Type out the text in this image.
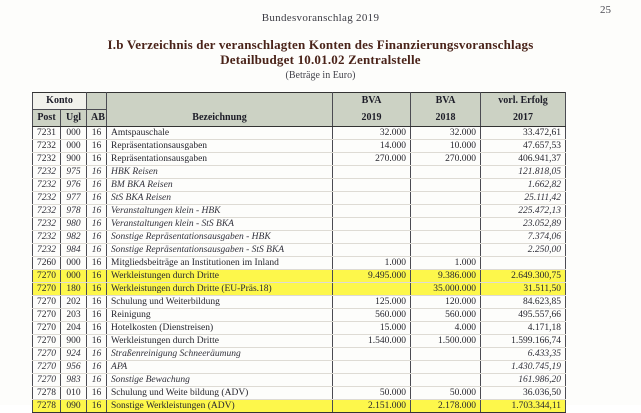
Bundesvoranschlag 2019
25
I.b Verzeichnis der veranschlagten Konten des Finanzierungsvoranschlags
Detailbudget 10.01.02 Zentralstelle
(Beträge in Euro)
Konto				BVA	BVA	vorl. Erfolg
Post	Ugl	AB	Bezeichnung	2019	2018	2017
7231	000	16	Amtspauschale	32.000	32.000	33.472,61
7232	000	16	Repräsentationsausgaben	14.000	10.000	47.657,53
7232	900	16	Repräsentationsausgaben	270.000	270.000	406.941,37
7232	975	16	HBK Reisen			121.818,05
7232	976	16	BM BKA Reisen			1.662,82
7232	977	16	StS BKA Reisen			25.111,42
7232	978	16	Veranstaltungen klein - HBK			225.472,13
7232	980	16	Veranstaltungen klein - StS BKA			23.052,89
7232	982	16	Sonstige Repräsentationsausgaben - HBK			7.374,06
7232	984	16	Sonstige Repräsentationsausgaben - StS BKA			2.250,00
7260	000	16	Mitgliedsbeiträge an Institutionen im Inland	1.000	1.000	
7270	000	16	Werkleistungen durch Dritte	9.495.000	9.386.000	2.649.300,75
7270	180	16	Werkleistungen durch Dritte (EU-Präs.18)		35.000.000	31.511,50
7270	202	16	Schulung und Weiterbildung	125.000	120.000	84.623,85
7270	203	16	Reinigung	560.000	560.000	495.557,66
7270	204	16	Hotelkosten (Dienstreisen)	15.000	4.000	4.171,18
7270	900	16	Werkleistungen durch Dritte	1.540.000	1.500.000	1.599.166,74
7270	924	16	Straßenreinigung Schneeräumung			6.433,35
7270	956	16	APA			1.430.745,19
7270	983	16	Sonstige Bewachung			161.986,20
7278	010	16	Schulung und Weite bildung (ADV)	50.000	50.000	36.036,50
7278	090	16	Sonstige Werkleistungen (ADV)	2.151.000	2.178.000	1.703.344,11
